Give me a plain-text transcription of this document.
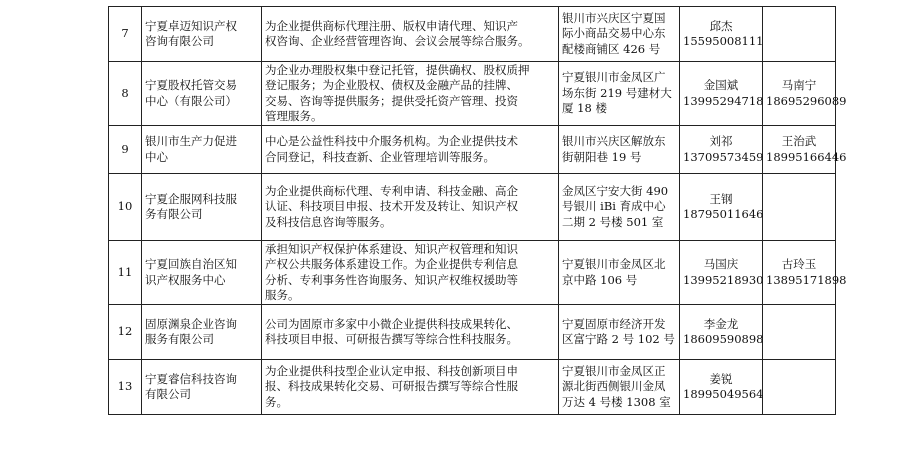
7	宁夏卓迈知识产权
咨询有限公司	为企业提供商标代理注册、版权申请代理、知识产
权咨询、企业经营管理咨询、会议会展等综合服务。	银川市兴庆区宁夏国
际小商品交易中心东
配楼商铺区 426 号	邱杰
15595008111	

8	宁夏股权托管交易
中心（有限公司）	为企业办理股权集中登记托管，提供确权、股权质押
登记服务；为企业股权、债权及金融产品的挂牌、
交易、咨询等提供服务；提供受托资产管理、投资
管理服务。	宁夏银川市金凤区广
场东街 219 号建材大
厦 18 楼	金国斌
13995294718	马南宁
18695296089

9	银川市生产力促进
中心	中心是公益性科技中介服务机构。为企业提供技术
合同登记，科技查新、企业管理培训等服务。	银川市兴庆区解放东
街朝阳巷 19 号	刘祁
13709573459	王治武
18995166446

10	宁夏企服网科技服
务有限公司	为企业提供商标代理、专利申请、科技金融、高企
认证、科技项目申报、技术开发及转让、知识产权
及科技信息咨询等服务。	金凤区宁安大街 490
号银川 iBi 育成中心
二期 2 号楼 501 室	王钢
18795011646	

11	宁夏回族自治区知
识产权服务中心	承担知识产权保护体系建设、知识产权管理和知识
产权公共服务体系建设工作。为企业提供专利信息
分析、专利事务性咨询服务、知识产权维权援助等
服务。	宁夏银川市金凤区北
京中路 106 号	马国庆
13995218930	古玲玉
13895171898

12	固原渊泉企业咨询
服务有限公司	公司为固原市多家中小微企业提供科技成果转化、
科技项目申报、可研报告撰写等综合性科技服务。	宁夏固原市经济开发
区富宁路 2 号 102 号	李金龙
18609590898	

13	宁夏睿信科技咨询
有限公司	为企业提供科技型企业认定申报、科技创新项目申
报、科技成果转化交易、可研报告撰写等综合性服
务。	宁夏银川市金凤区正
源北街西侧银川金凤
万达 4 号楼 1308 室	姜锐
18995049564	
